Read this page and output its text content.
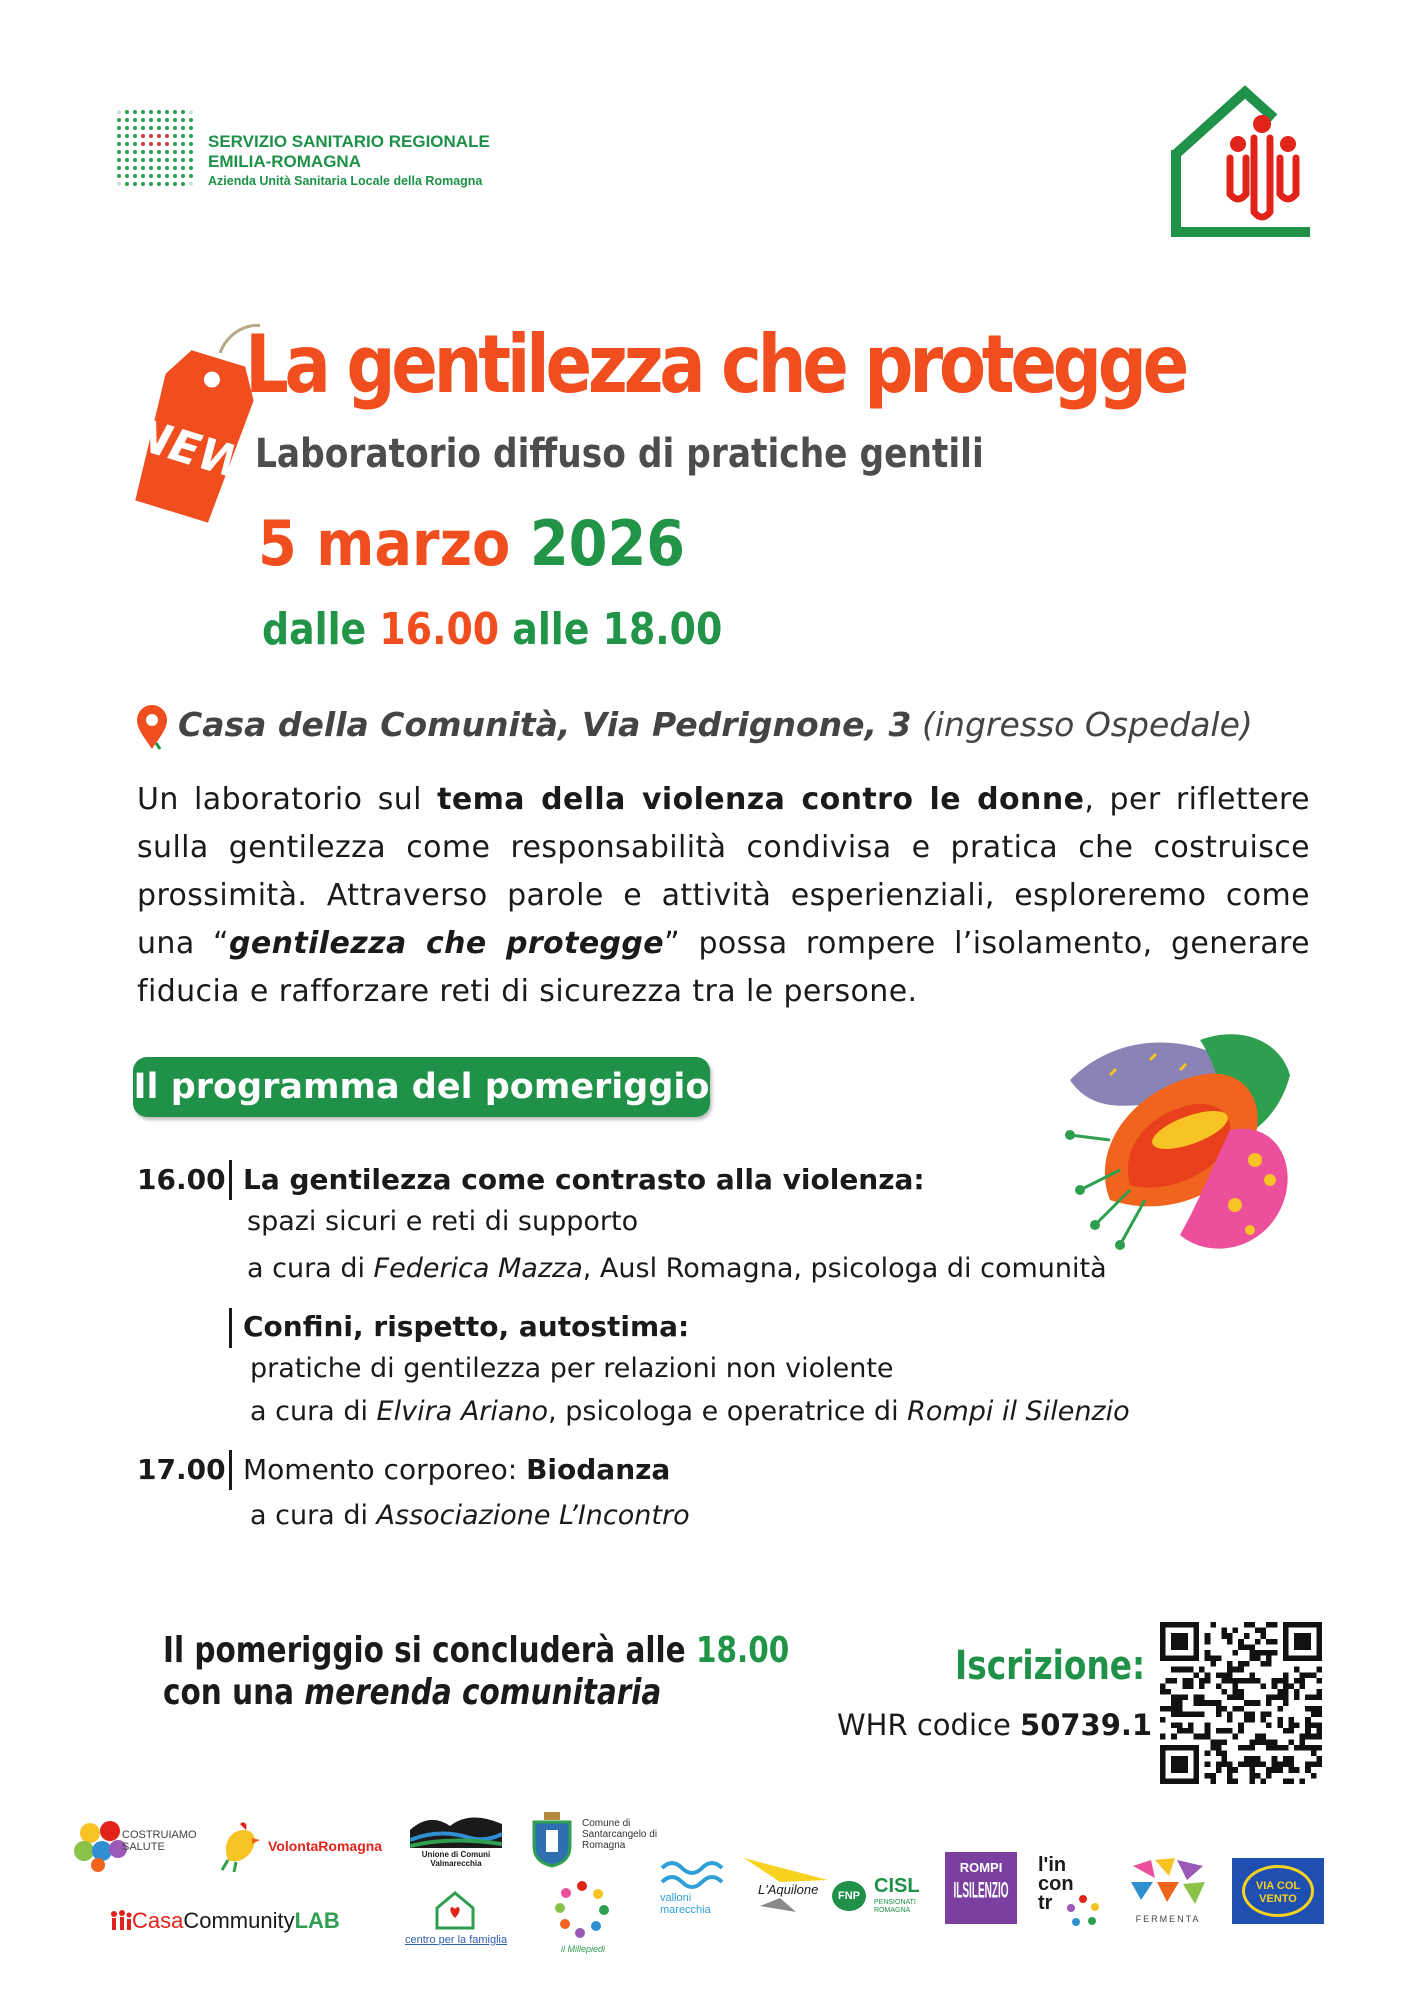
SERVIZIO SANITARIO REGIONALE
EMILIA-ROMAGNA
Azienda Unità Sanitaria Locale della Romagna
NEW
La gentilezza che protegge
Laboratorio diffuso di pratiche gentili
5 marzo 2026
dalle 16.00 alle 18.00
Casa della Comunità, Via Pedrignone, 3 (ingresso Ospedale)
Un laboratorio sul tema della violenza contro le donne, per riflettere sulla gentilezza come responsabilità condivisa e pratica che costruisce prossimità. Attraverso parole e attività esperienziali, esploreremo come una “gentilezza che protegge” possa rompere l’isolamento, generare fiducia e rafforzare reti di sicurezza tra le persone.
Il programma del pomeriggio
16.00 La gentilezza come contrasto alla violenza:
spazi sicuri e reti di supporto
a cura di Federica Mazza, Ausl Romagna, psicologa di comunità
Confini, rispetto, autostima:
pratiche di gentilezza per relazioni non violente
a cura di Elvira Ariano, psicologa e operatrice di Rompi il Silenzio
17.00 Momento corporeo: Biodanza
a cura di Associazione L’Incontro
Il pomeriggio si concluderà alle 18.00
con una merenda comunitaria
Iscrizione:
WHR codice 50739.1
COSTRUIAMO SALUTE	VolontaRomagna
Unione di Comuni Valmarecchia
Comune di Santarcangelo di Romagna
CasaCommunityLAB
centro per la famiglia
il Millepiedi
valloni marecchia
L'Aquilone	FNP CISL
PENSIONATI ROMAGNA
ROMPI
ILSILENZIO
l'in con tr
FERMENTA
VIA COL VENTO
